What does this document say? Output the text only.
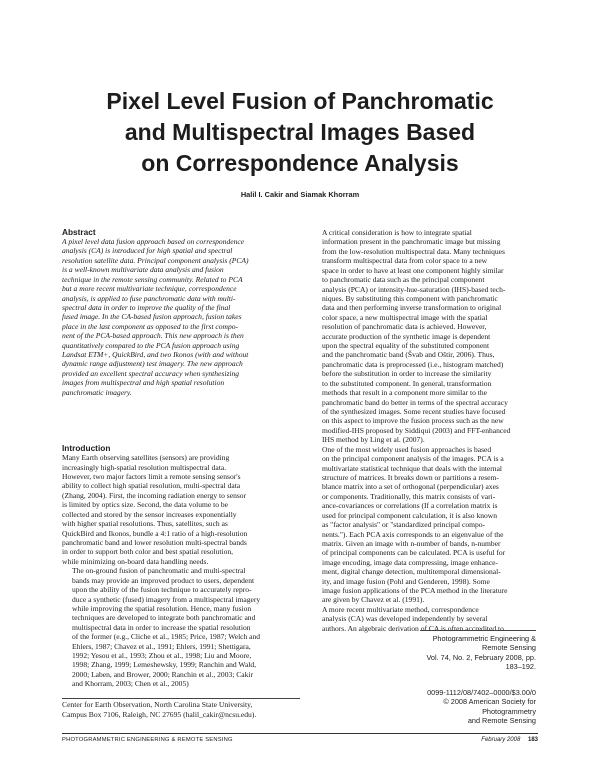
Pixel Level Fusion of Panchromatic
and Multispectral Images Based
on Correspondence Analysis
Halil I. Cakir and Siamak Khorram
Abstract

A pixel level data fusion approach based on correspondence
analysis (CA) is introduced for high spatial and spectral
resolution satellite data. Principal component analysis (PCA)
is a well-known multivariate data analysis and fusion
technique in the remote sensing community. Related to PCA
but a more recent multivariate technique, correspondence
analysis, is applied to fuse panchromatic data with multi-
spectral data in order to improve the quality of the final
fused image. In the CA-based fusion approach, fusion takes
place in the last component as opposed to the first compo-
nent of the PCA-based approach. This new approach is then
quantitatively compared to the PCA fusion approach using
Landsat ETM+, QuickBird, and two Ikonos (with and without
dynamic range adjustment) test imagery. The new approach
provided an excellent spectral accuracy when synthesizing
images from multispectral and high spatial resolution
panchromatic imagery.

Introduction

Many Earth observing satellites (sensors) are providing
increasingly high-spatial resolution multispectral data.
However, two major factors limit a remote sensing sensor's
ability to collect high spatial resolution, multi-spectral data
(Zhang, 2004). First, the incoming radiation energy to sensor
is limited by optics size. Second, the data volume to be
collected and stored by the sensor increases exponentially
with higher spatial resolutions. Thus, satellites, such as
QuickBird and Ikonos, bundle a 4:1 ratio of a high-resolution
panchromatic band and lower resolution multi-spectral bands
in order to support both color and best spatial resolution,
while minimizing on-board data handling needs.

The on-ground fusion of panchromatic and multi-spectral
bands may provide an improved product to users, dependent
upon the ability of the fusion technique to accurately repro-
duce a synthetic (fused) imagery from a multispectral imagery
while improving the spatial resolution. Hence, many fusion
techniques are developed to integrate both panchromatic and
multispectral data in order to increase the spatial resolution
of the former (e.g., Cliche et al., 1985; Price, 1987; Welch and
Ehlers, 1987; Chavez et al., 1991; Ehlers, 1991; Shettigara,
1992; Yesou et al., 1993; Zhou et al., 1998; Liu and Moore,
1998; Zhang, 1999; Lemeshewsky, 1999; Ranchin and Wald,
2000; Laben, and Brower, 2000; Ranchin et al., 2003; Cakir
and Khorram, 2003; Chen et al., 2005)

A critical consideration is how to integrate spatial
information present in the panchromatic image but missing
from the low-resolution multispectral data. Many techniques
transform multispectral data from color space to a new
space in order to have at least one component highly similar
to panchromatic data such as the principal component
analysis (PCA) or intensity-hue-saturation (IHS)-based tech-
niques. By substituting this component with panchromatic
data and then performing inverse transformation to original
color space, a new multispectral image with the spatial
resolution of panchromatic data is achieved. However,
accurate production of the synthetic image is dependent
upon the spectral equality of the substituted component
and the panchromatic band (Švab and Oštir, 2006). Thus,
panchromatic data is preprocessed (i.e., histogram matched)
before the substitution in order to increase the similarity
to the substituted component. In general, transformation
methods that result in a component more similar to the
panchromatic band do better in terms of the spectral accuracy
of the synthesized images. Some recent studies have focused
on this aspect to improve the fusion process such as the new
modified-IHS proposed by Siddiqui (2003) and FFT-enhanced
IHS method by Ling et al. (2007).

One of the most widely used fusion approaches is based
on the principal component analysis of the images. PCA is a
multivariate statistical technique that deals with the internal
structure of matrices. It breaks down or partitions a resem-
blance matrix into a set of orthogonal (perpendicular) axes
or components. Traditionally, this matrix consists of vari-
ance-covariances or correlations (If a correlation matrix is
used for principal component calculation, it is also known
as "factor analysis" or "standardized principal compo-
nents."). Each PCA axis corresponds to an eigenvalue of the
matrix. Given an image with n-number of bands, n-number
of principal components can be calculated. PCA is useful for
image encoding, image data compressing, image enhance-
ment, digital change detection, multitemporal dimensional-
ity, and image fusion (Pohl and Genderen, 1998). Some
image fusion applications of the PCA method in the literature
are given by Chavez et al. (1991).

A more recent multivariate method, correspondence
analysis (CA) was developed independently by several
authors. An algebraic derivation of CA is often accredited to

Photogrammetric Engineering & Remote Sensing
Vol. 74, No. 2, February 2008, pp. 183–192.
0099-1112/08/7402–0000/$3.00/0
© 2008 American Society for Photogrammetry
and Remote Sensing
Center for Earth Observation, North Carolina State University,
Campus Box 7106, Raleigh, NC 27695 (halil_cakir@ncsu.edu).
PHOTOGRAMMETRIC ENGINEERING & REMOTE SENSING	February 2008 183
